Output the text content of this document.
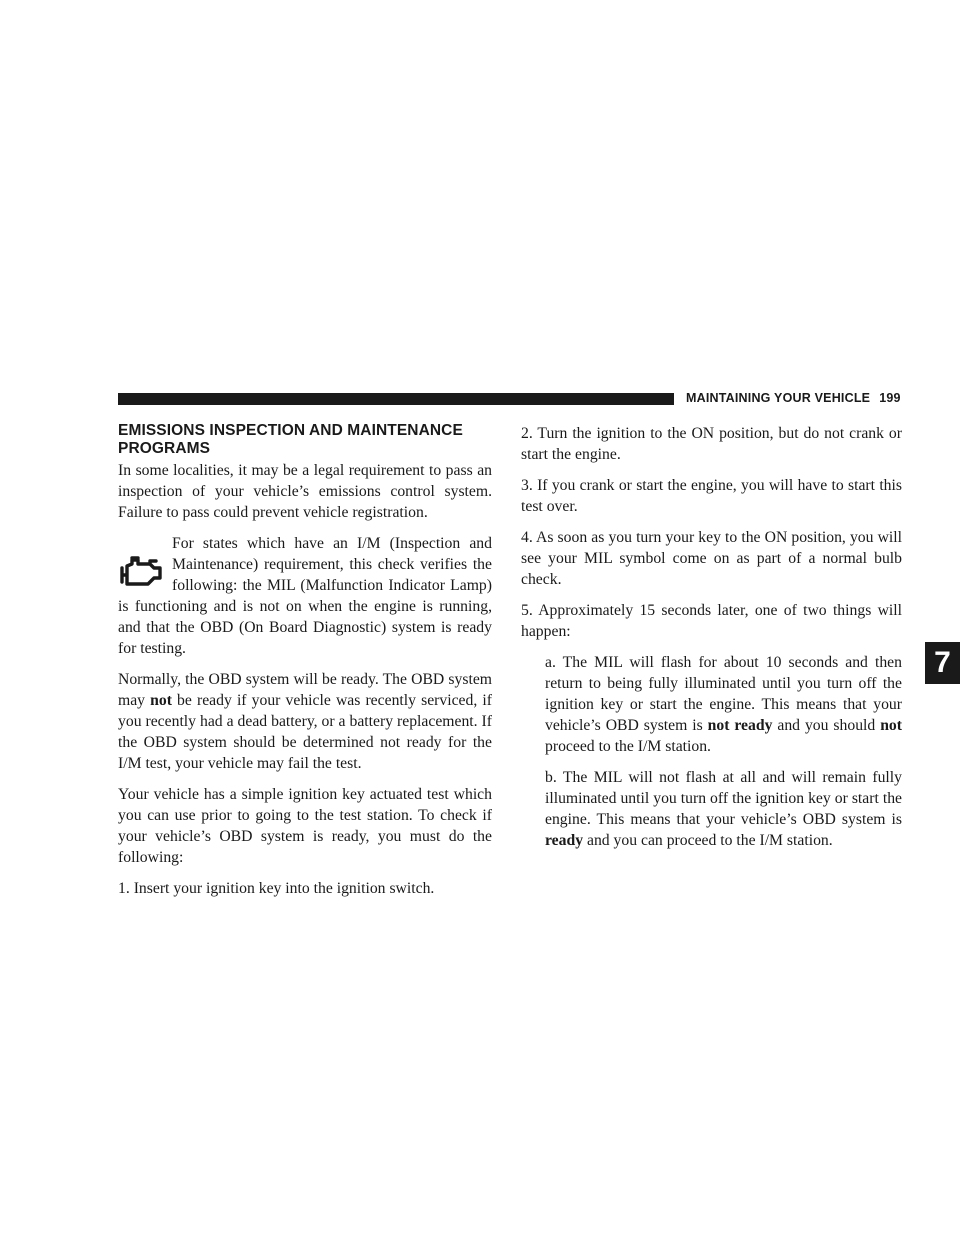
MAINTAINING YOUR VEHICLE 199
7
EMISSIONS INSPECTION AND MAINTENANCE PROGRAMS

In some localities, it may be a legal requirement to pass an inspection of your vehicle’s emissions control system. Failure to pass could prevent vehicle registration.

For states which have an I/M (Inspection and Maintenance) requirement, this check verifies the following: the MIL (Malfunction Indicator Lamp) is functioning and is not on when the engine is running, and that the OBD (On Board Diagnostic) system is ready for testing.

Normally, the OBD system will be ready. The OBD system may not be ready if your vehicle was recently serviced, if you recently had a dead battery, or a battery replacement. If the OBD system should be determined not ready for the I/M test, your vehicle may fail the test.

Your vehicle has a simple ignition key actuated test which you can use prior to going to the test station. To check if your vehicle’s OBD system is ready, you must do the following:

1. Insert your ignition key into the ignition switch.

2. Turn the ignition to the ON position, but do not crank or start the engine.

3. If you crank or start the engine, you will have to start this test over.

4. As soon as you turn your key to the ON position, you will see your MIL symbol come on as part of a normal bulb check.

5. Approximately 15 seconds later, one of two things will happen:

a. The MIL will flash for about 10 seconds and then return to being fully illuminated until you turn off the ignition key or start the engine. This means that your vehicle’s OBD system is not ready and you should not proceed to the I/M station.

b. The MIL will not flash at all and will remain fully illuminated until you turn off the ignition key or start the engine. This means that your vehicle’s OBD system is ready and you can proceed to the I/M station.
